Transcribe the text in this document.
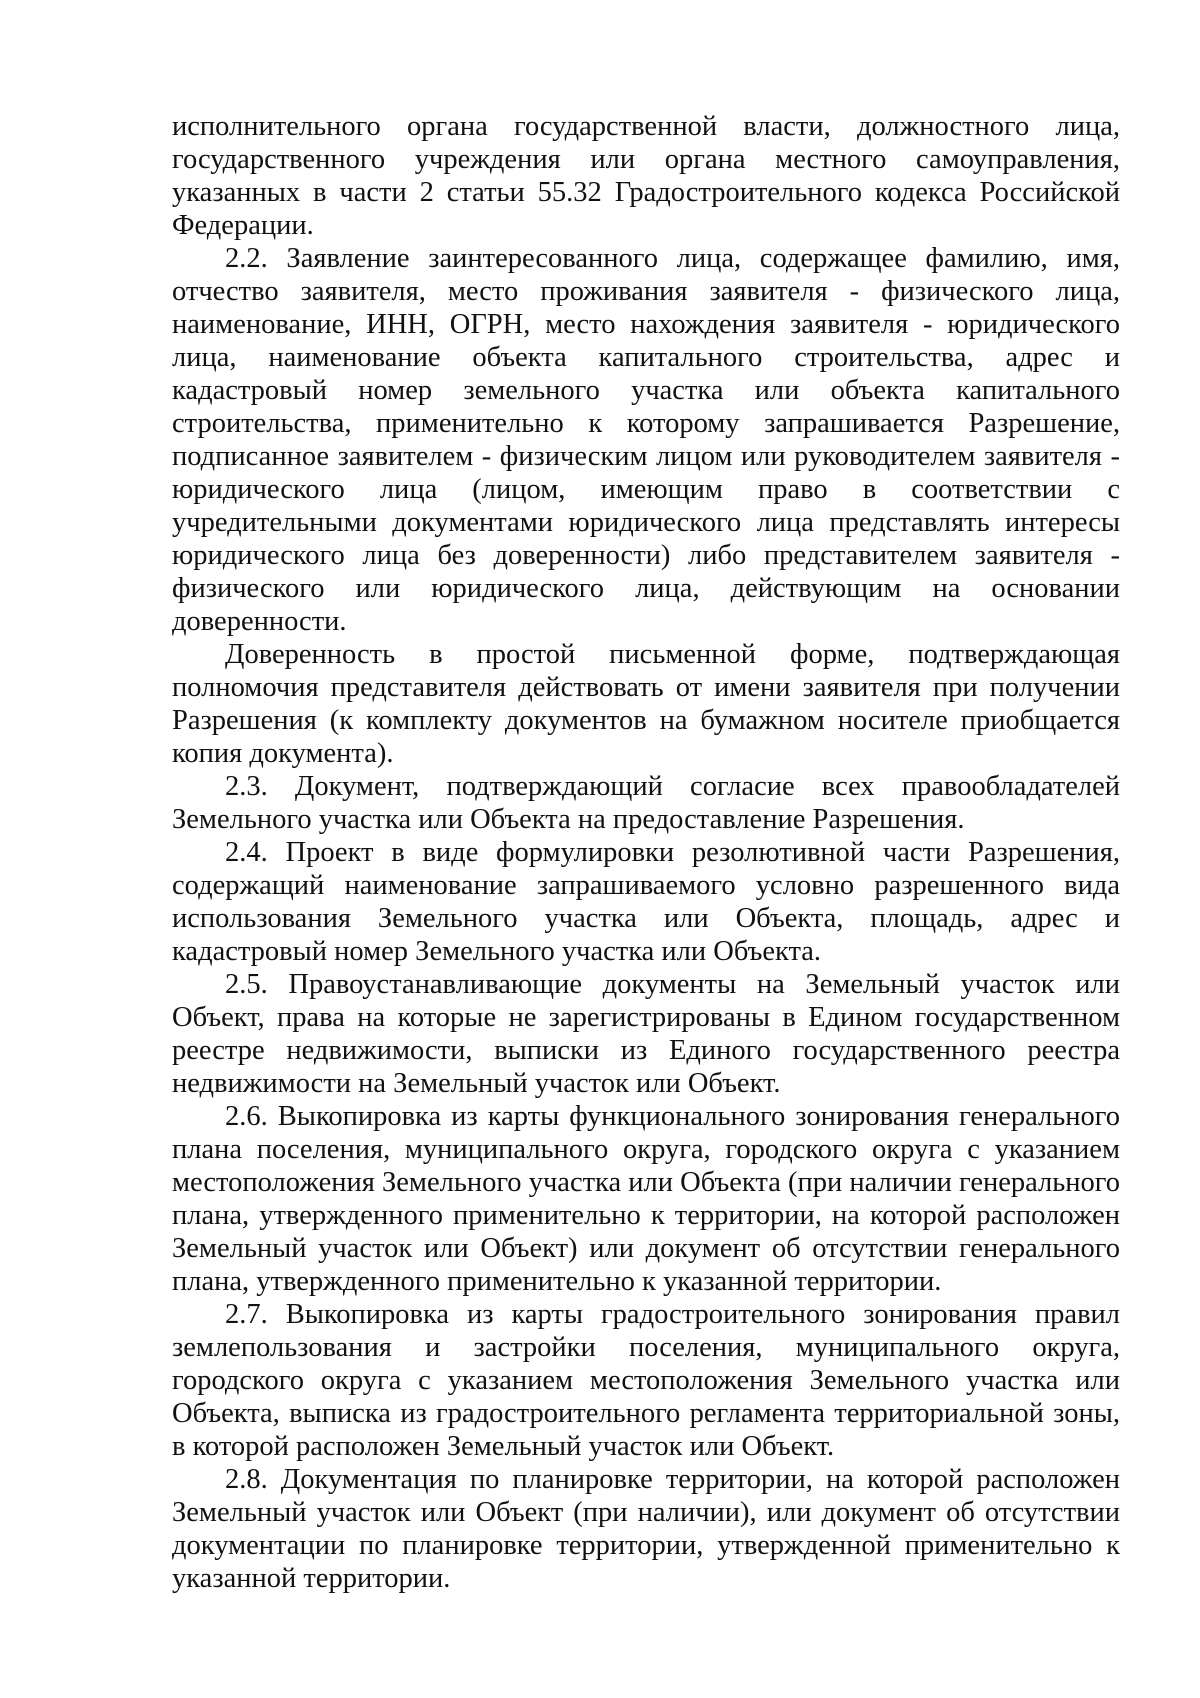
исполнительного органа государственной власти, должностного лица, государственного учреждения или органа местного самоуправления, указанных в части 2 статьи 55.32 Градостроительного кодекса Российской Федерации.

2.2. Заявление заинтересованного лица, содержащее фамилию, имя, отчество заявителя, место проживания заявителя - физического лица, наименование, ИНН, ОГРН, место нахождения заявителя - юридического лица, наименование объекта капитального строительства, адрес и кадастровый номер земельного участка или объекта капитального строительства, применительно к которому запрашивается Разрешение, подписанное заявителем - физическим лицом или руководителем заявителя - юридического лица (лицом, имеющим право в соответствии с учредительными документами юридического лица представлять интересы юридического лица без доверенности) либо представителем заявителя - физического или юридического лица, действующим на основании доверенности.

Доверенность в простой письменной форме, подтверждающая полномочия представителя действовать от имени заявителя при получении Разрешения (к комплекту документов на бумажном носителе приобщается копия документа).

2.3. Документ, подтверждающий согласие всех правообладателей Земельного участка или Объекта на предоставление Разрешения.

2.4. Проект в виде формулировки резолютивной части Разрешения, содержащий наименование запрашиваемого условно разрешенного вида использования Земельного участка или Объекта, площадь, адрес и кадастровый номер Земельного участка или Объекта.

2.5. Правоустанавливающие документы на Земельный участок или Объект, права на которые не зарегистрированы в Едином государственном реестре недвижимости, выписки из Единого государственного реестра недвижимости на Земельный участок или Объект.

2.6. Выкопировка из карты функционального зонирования генерального плана поселения, муниципального округа, городского округа с указанием местоположения Земельного участка или Объекта (при наличии генерального плана, утвержденного применительно к территории, на которой расположен Земельный участок или Объект) или документ об отсутствии генерального плана, утвержденного применительно к указанной территории.

2.7. Выкопировка из карты градостроительного зонирования правил землепользования и застройки поселения, муниципального округа, городского округа с указанием местоположения Земельного участка или Объекта, выписка из градостроительного регламента территориальной зоны, в которой расположен Земельный участок или Объект.

2.8. Документация по планировке территории, на которой расположен Земельный участок или Объект (при наличии), или документ об отсутствии документации по планировке территории, утвержденной применительно к указанной территории.
